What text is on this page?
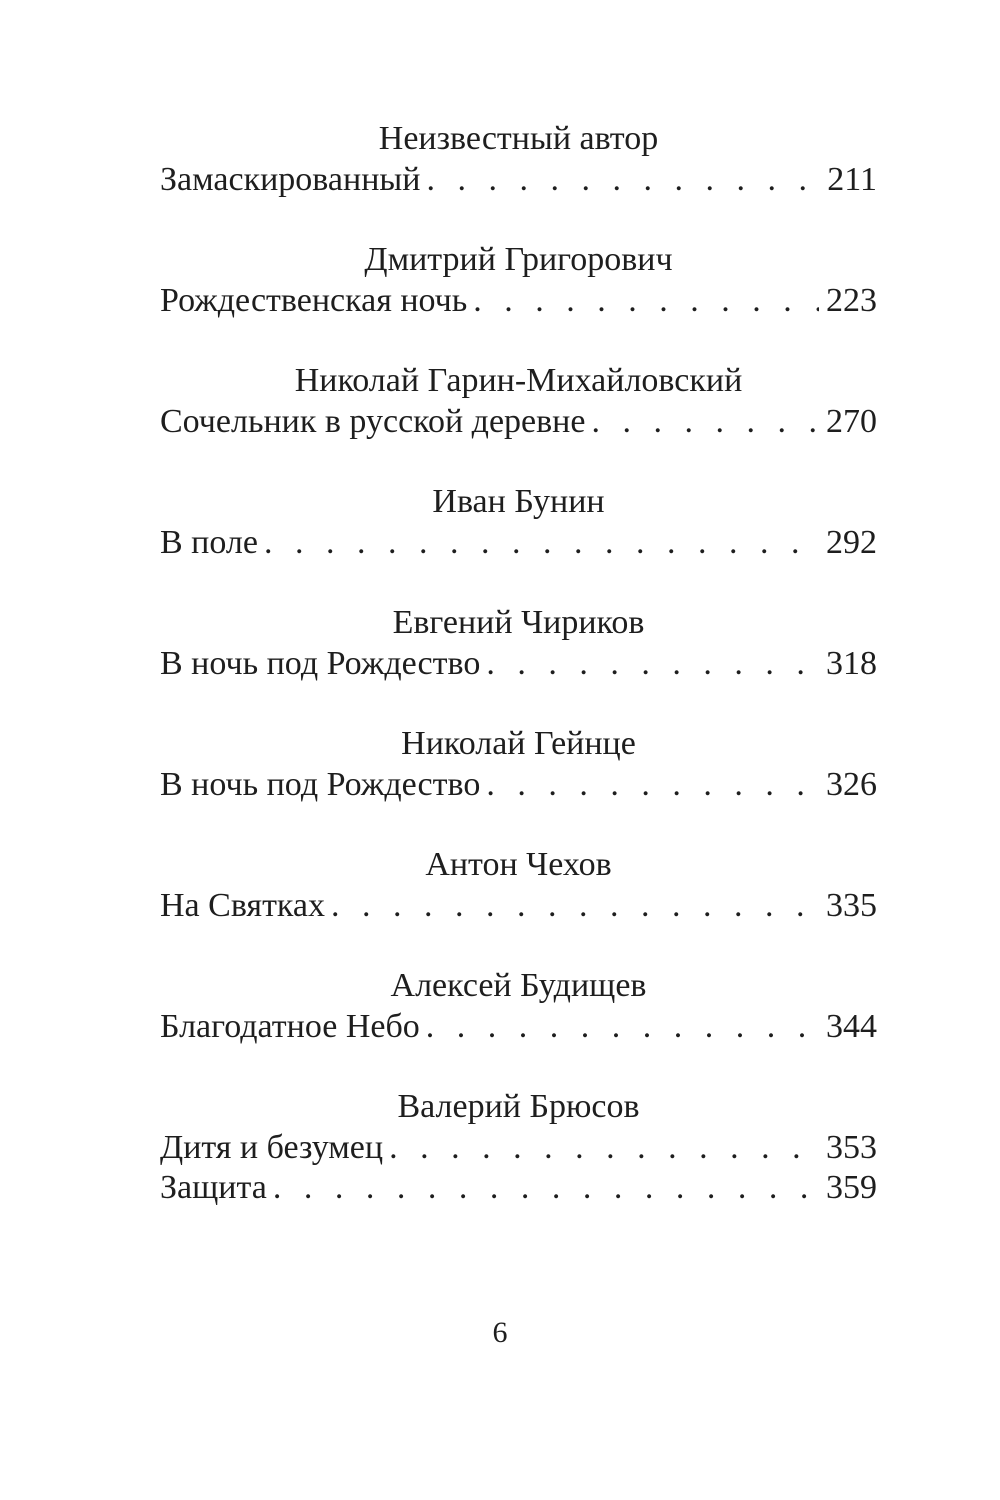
Неизвестный автор
Замаскированный . . .	211
Дмитрий Григорович
Рождественская ночь . . .	223
Николай Гарин-Михайловский
Сочельник в русской деревне . . .	270
Иван Бунин
В поле . . .	292
Евгений Чириков
В ночь под Рождество . . .	318
Николай Гейнце
В ночь под Рождество . . .	326
Антон Чехов
На Святках . . .	335
Алексей Будищев
Благодатное Небо . . .	344
Валерий Брюсов
Дитя и безумец . . .	353
Защита . . .	359
6
